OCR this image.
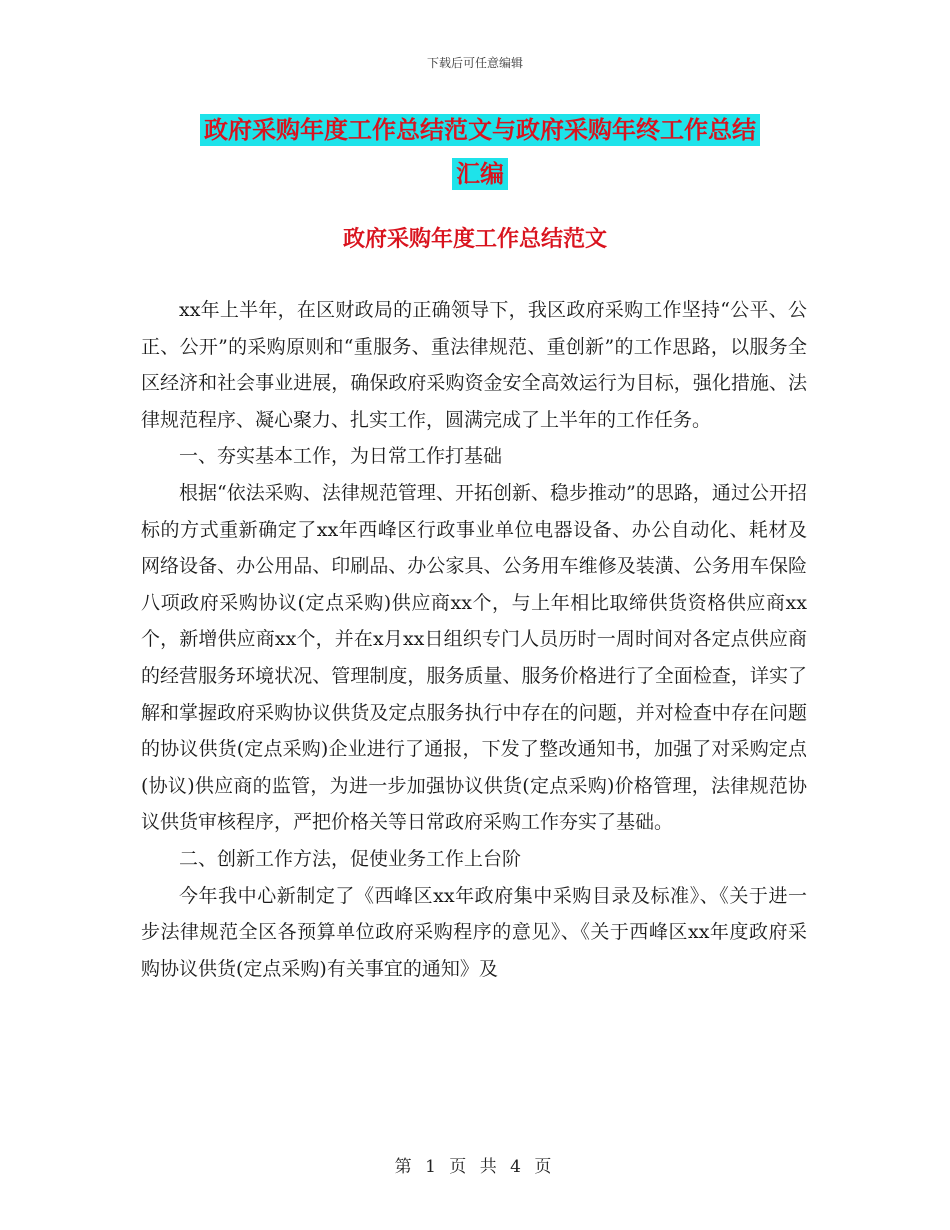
下载后可任意编辑
政府采购年度工作总结范文与政府采购年终工作总结
汇编
政府采购年度工作总结范文

xx年上半年，在区财政局的正确领导下，我区政府采购工作坚持“公平、公正、公开”的采购原则和“重服务、重法律规范、重创新”的工作思路，以服务全区经济和社会事业进展，确保政府采购资金安全高效运行为目标，强化措施、法律规范程序、凝心聚力、扎实工作，圆满完成了上半年的工作任务。

一、夯实基本工作，为日常工作打基础

根据“依法采购、法律规范管理、开拓创新、稳步推动”的思路，通过公开招标的方式重新确定了xx年西峰区行政事业单位电器设备、办公自动化、耗材及网络设备、办公用品、印刷品、办公家具、公务用车维修及装潢、公务用车保险八项政府采购协议(定点采购)供应商xx个，与上年相比取缔供货资格供应商xx个，新增供应商xx个，并在x月xx日组织专门人员历时一周时间对各定点供应商的经营服务环境状况、管理制度，服务质量、服务价格进行了全面检查，详实了解和掌握政府采购协议供货及定点服务执行中存在的问题，并对检查中存在问题的协议供货(定点采购)企业进行了通报，下发了整改通知书，加强了对采购定点(协议)供应商的监管，为进一步加强协议供货(定点采购)价格管理，法律规范协议供货审核程序，严把价格关等日常政府采购工作夯实了基础。

二、创新工作方法，促使业务工作上台阶

今年我中心新制定了《西峰区xx年政府集中采购目录及标准》、《关于进一步法律规范全区各预算单位政府采购程序的意见》、《关于西峰区xx年度政府采购协议供货(定点采购)有关事宜的通知》及

第 1 页 共 4 页
